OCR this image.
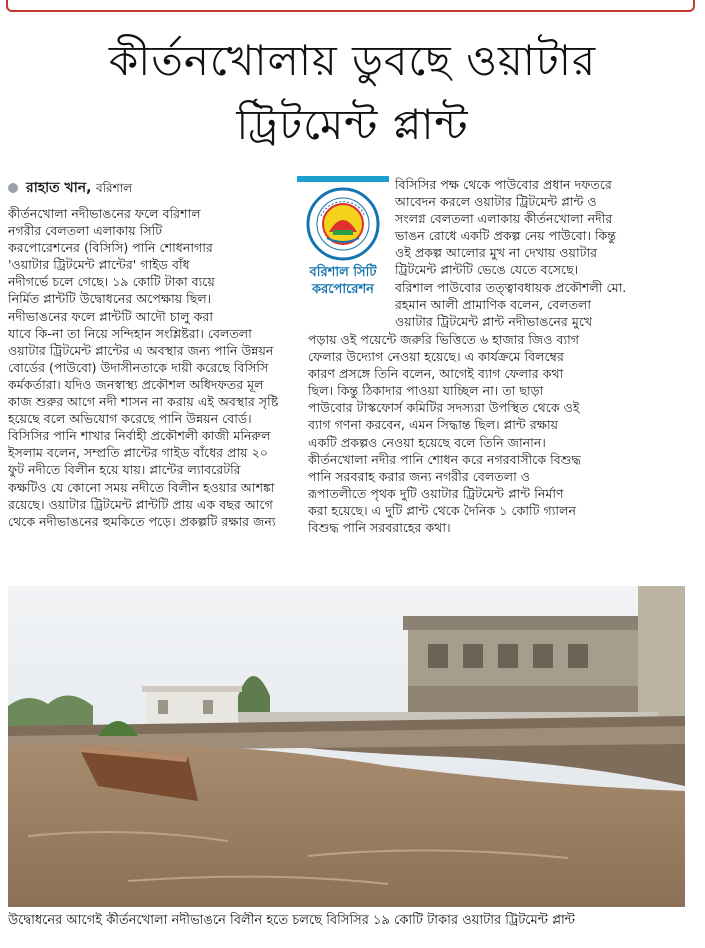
কীর্তনখোলায় ডুবছে ওয়াটার
ট্রিটমেন্ট প্লান্ট
রাহাত খান, বরিশাল

কীর্তনখোলা নদীভাঙনের ফলে বরিশাল

নগরীর বেলতলা এলাকায় সিটি

করপোরেশনের (বিসিসি) পানি শোধনাগার

'ওয়াটার ট্রিটমেন্ট প্লান্টের' গাইড বাঁধ

নদীগর্ভে চলে গেছে। ১৯ কোটি টাকা ব্যয়ে

নির্মিত প্লান্টটি উদ্বোধনের অপেক্ষায় ছিল।

নদীভাঙনের ফলে প্লান্টটি আদৌ চালু করা

যাবে কি-না তা নিয়ে সন্দিহান সংশ্লিষ্টরা। বেলতলা

ওয়াটার ট্রিটমেন্ট প্লান্টের এ অবস্থার জন্য পানি উন্নয়ন

বোর্ডের (পাউবো) উদাসীনতাকে দায়ী করেছে বিসিসি

কর্মকর্তারা। যদিও জনস্বাস্থ্য প্রকৌশল অধিদফতর মূল

কাজ শুরুর আগে নদী শাসন না করায় এই অবস্থার সৃষ্টি

হয়েছে বলে অভিযোগ করেছে পানি উন্নয়ন বোর্ড।

বিসিসির পানি শাখার নির্বাহী প্রকৌশলী কাজী মনিরুল

ইসলাম বলেন, সম্প্রতি প্লান্টের গাইড বাঁধের প্রায় ২০

ফুট নদীতে বিলীন হয়ে যায়। প্লান্টের ল্যাবরেটরি

কক্ষটিও যে কোনো সময় নদীতে বিলীন হওয়ার আশঙ্কা

রয়েছে। ওয়াটার ট্রিটমেন্ট প্লান্টটি প্রায় এক বছর আগে

থেকে নদীভাঙনের হুমকিতে পড়ে। প্রকল্পটি রক্ষার জন্য

বরিশাল সিটি
করপোরেশন

বিসিসির পক্ষ থেকে পাউবোর প্রধান দফতরে

আবেদন করলে ওয়াটার ট্রিটমেন্ট প্লান্ট ও

সংলগ্ন বেলতলা এলাকায় কীর্তনখোলা নদীর

ভাঙন রোধে একটি প্রকল্প নেয় পাউবো। কিন্তু

ওই প্রকল্প আলোর মুখ না দেখায় ওয়াটার

ট্রিটমেন্ট প্লান্টটি ভেঙে যেতে বসেছে।

বরিশাল পাউবোর তত্ত্বাবধায়ক প্রকৌশলী মো.

রহমান আলী প্রামাণিক বলেন, বেলতলা

ওয়াটার ট্রিটমেন্ট প্লান্ট নদীভাঙনের মুখে

পড়ায় ওই পয়েন্টে জরুরি ভিত্তিতে ৬ হাজার জিও ব্যাগ

ফেলার উদ্যোগ নেওয়া হয়েছে। এ কার্যক্রমে বিলম্বের

কারণ প্রসঙ্গে তিনি বলেন, আগেই ব্যাগ ফেলার কথা

ছিল। কিন্তু ঠিকাদার পাওয়া যাচ্ছিল না। তা ছাড়া

পাউবোর টাস্কফোর্স কমিটির সদস্যরা উপস্থিত থেকে ওই

ব্যাগ গণনা করবেন, এমন সিদ্ধান্ত ছিল। প্লান্ট রক্ষায়

একটি প্রকল্পও নেওয়া হয়েছে বলে তিনি জানান।

কীর্তনখোলা নদীর পানি শোধন করে নগরবাসীকে বিশুদ্ধ

পানি সরবরাহ করার জন্য নগরীর বেলতলা ও

রূপাতলীতে পৃথক দুটি ওয়াটার ট্রিটমেন্ট প্লান্ট নির্মাণ

করা হয়েছে। এ দুটি প্লান্ট থেকে দৈনিক ১ কোটি গ্যালন

বিশুদ্ধ পানি সরবরাহের কথা।

উদ্বোধনের আগেই কীর্তনখোলা নদীভাঙনে বিলীন হতে চলছে বিসিসির ১৯ কোটি টাকার ওয়াটার ট্রিটমেন্ট প্লান্ট
